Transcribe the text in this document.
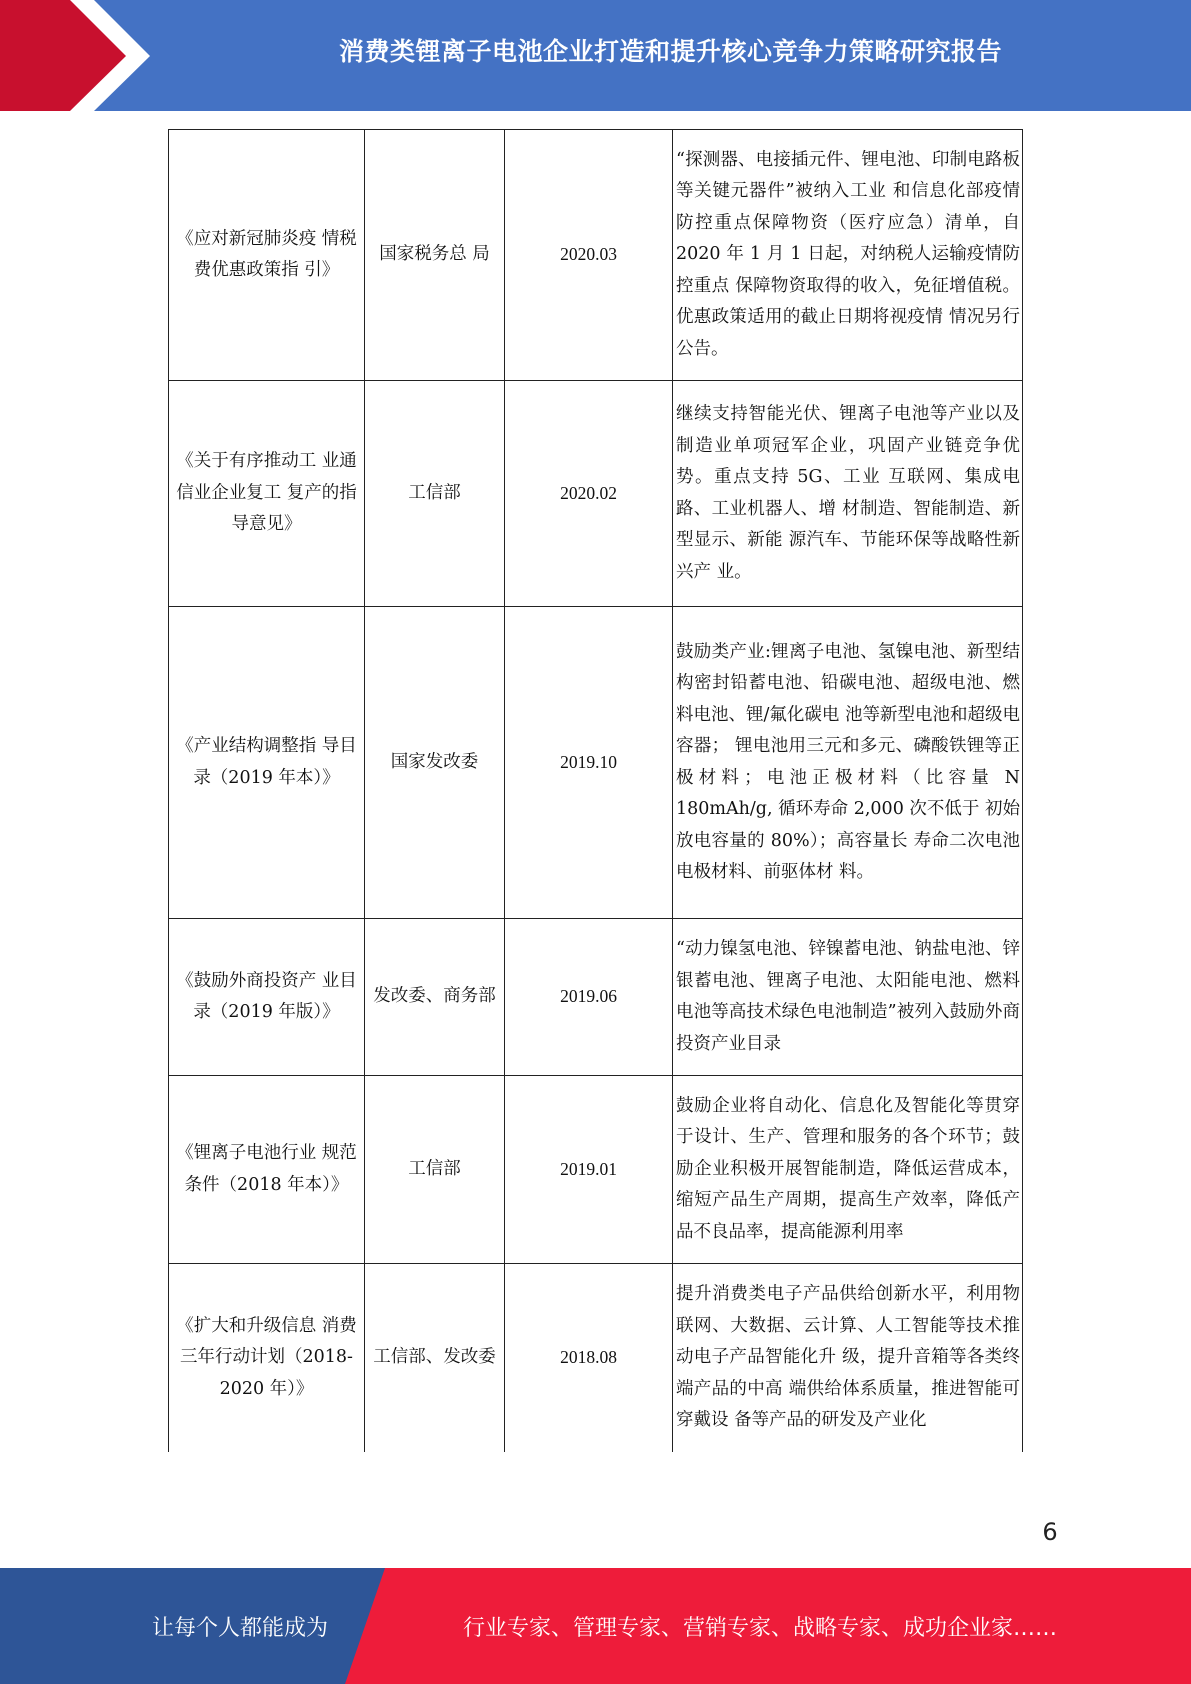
消费类锂离子电池企业打造和提升核心竞争力策略研究报告
《应对新冠肺炎疫 情税费优惠政策指 引》	国家税务总 局	2020.03	“探测器、电接插元件、锂电池、印制电路板等关键元器件”被纳入工业 和信息化部疫情防控重点保障物资（医疗应急）清单，自 2020 年 1 月 1 日起，对纳税人运输疫情防控重点 保障物资取得的收入，免征增值税。 优惠政策适用的截止日期将视疫情 情况另行公告。
《关于有序推动工 业通信业企业复工 复产的指导意见》	工信部	2020.02	继续支持智能光伏、锂离子电池等产业以及制造业单项冠军企业，巩固产业链竞争优势。重点支持 5G、工业 互联网、集成电路、工业机器人、增 材制造、智能制造、新型显示、新能 源汽车、节能环保等战略性新兴产 业。
《产业结构调整指 导目录（2019 年本）》	国家发改委	2019.10	鼓励类产业:锂离子电池、氢镍电池、新型结构密封铅蓄电池、铅碳电池、超级电池、燃料电池、锂/氟化碳电 池等新型电池和超级电容器； 锂电池用三元和多元、磷酸铁锂等正 极材料；电池正极材料（比容量 N 180mAh/g, 循环寿命 2,000 次不低于 初始放电容量的 80%）；高容量长 寿命二次电池电极材料、前驱体材 料。
《鼓励外商投资产 业目录（2019 年版）》	发改委、商务部	2019.06	“动力镍氢电池、锌镍蓄电池、钠盐电池、锌银蓄电池、锂离子电池、太阳能电池、燃料电池等高技术绿色电池制造”被列入鼓励外商投资产业目录
《锂离子电池行业 规范条件（2018 年本）》	工信部	2019.01	鼓励企业将自动化、信息化及智能化等贯穿于设计、生产、管理和服务的各个环节；鼓励企业积极开展智能制造，降低运营成本，缩短产品生产周期，提高生产效率，降低产品不良品率，提高能源利用率
《扩大和升级信息 消费三年行动计划（2018-2020 年）》	工信部、发改委	2018.08	提升消费类电子产品供给创新水平，利用物联网、大数据、云计算、人工智能等技术推动电子产品智能化升 级，提升音箱等各类终端产品的中高 端供给体系质量，推进智能可穿戴设 备等产品的研发及产业化
6
让每个人都能成为	行业专家、管理专家、营销专家、战略专家、成功企业家……
